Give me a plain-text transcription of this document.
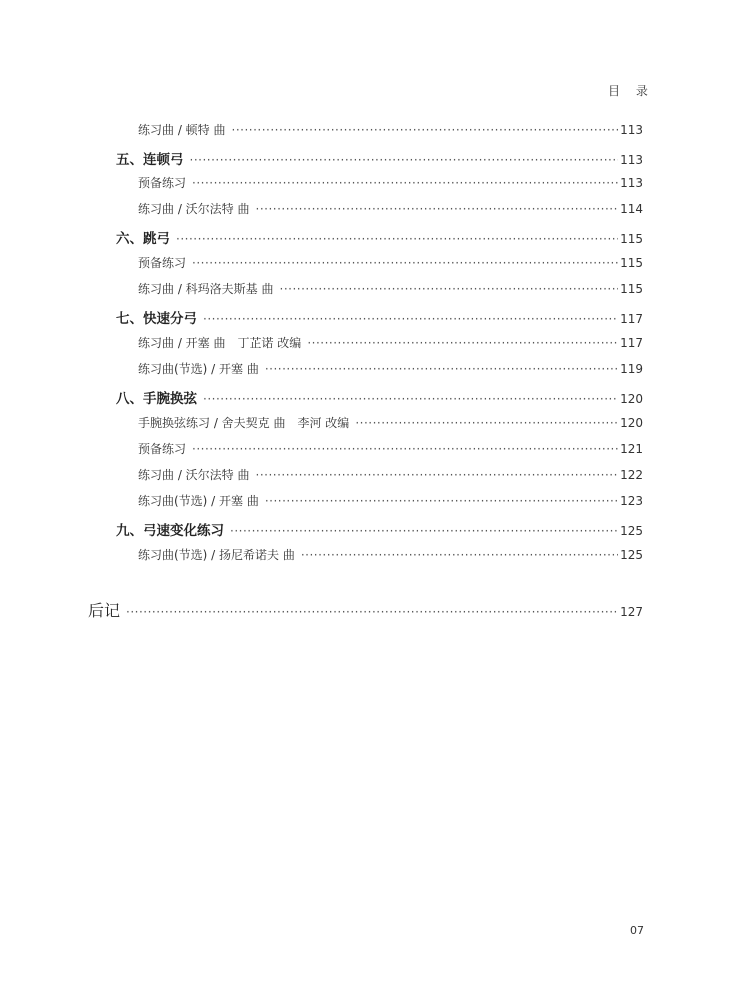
目 录
练习曲 / 顿特 曲 ·····	113
五、连顿弓 ·····	113
预备练习 ·····	113
练习曲 / 沃尔法特 曲 ·····	114
六、跳弓 ·····	115
预备练习 ·····	115
练习曲 / 科玛洛夫斯基 曲 ·····	115
七、快速分弓 ·····	117
练习曲 / 开塞 曲　丁芷诺 改编 ·····	117
练习曲(节选) / 开塞 曲 ·····	119
八、手腕换弦 ·····	120
手腕换弦练习 / 舍夫契克 曲　李河 改编 ·····	120
预备练习 ·····	121
练习曲 / 沃尔法特 曲 ·····	122
练习曲(节选) / 开塞 曲 ·····	123
九、弓速变化练习 ·····	125
练习曲(节选) / 扬尼希诺夫 曲 ·····	125
后记 ·····	127
07
